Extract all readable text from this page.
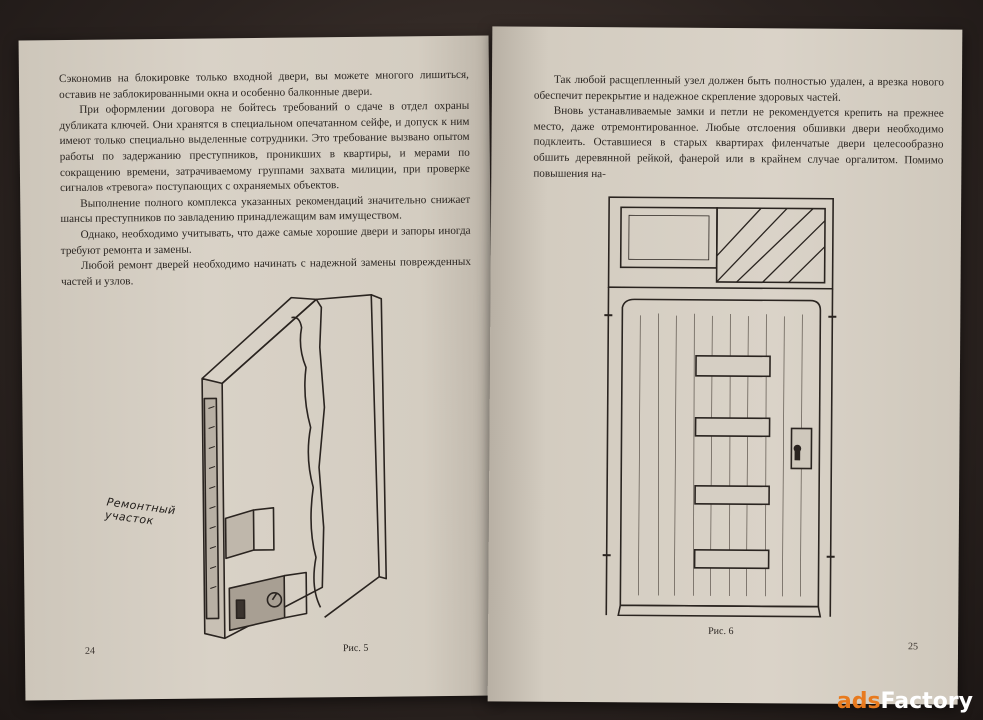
Сэкономив на блокировке только входной двери, вы можете многого лишиться, оставив не заблокированными окна и особенно балконные двери.

При оформлении договора не бойтесь требований о сдаче в отдел охраны дубликата ключей. Они хранятся в специальном опечатанном сейфе, и допуск к ним имеют только специально выделенные сотрудники. Это требование вызвано опытом работы по задержанию преступников, проникших в квартиры, и мерами по сокращению времени, затрачиваемому группами захвата милиции, при проверке сигналов «тревога» поступающих с охраняемых объектов.

Выполнение полного комплекса указанных рекомендаций значительно снижает шансы преступников по завладению принадлежащим вам имуществом.

Однако, необходимо учитывать, что даже самые хорошие двери и запоры иногда требуют ремонта и замены.

Любой ремонт дверей необходимо начинать с надежной замены поврежденных частей и узлов.

Ремонтный участок
Рис. 5
24

Так любой расщепленный узел должен быть полностью удален, а врезка нового обеспечит перекрытие и надежное скрепление здоровых частей.

Вновь устанавливаемые замки и петли не рекомендуется крепить на прежнее место, даже отремонтированное. Любые отслоения обшивки двери необходимо подклеить. Оставшиеся в старых квартирах филенчатые двери целесообразно обшить деревянной рейкой, фанерой или в крайнем случае оргалитом. Помимо повышения на-

Рис. 6
25
adsFactory
